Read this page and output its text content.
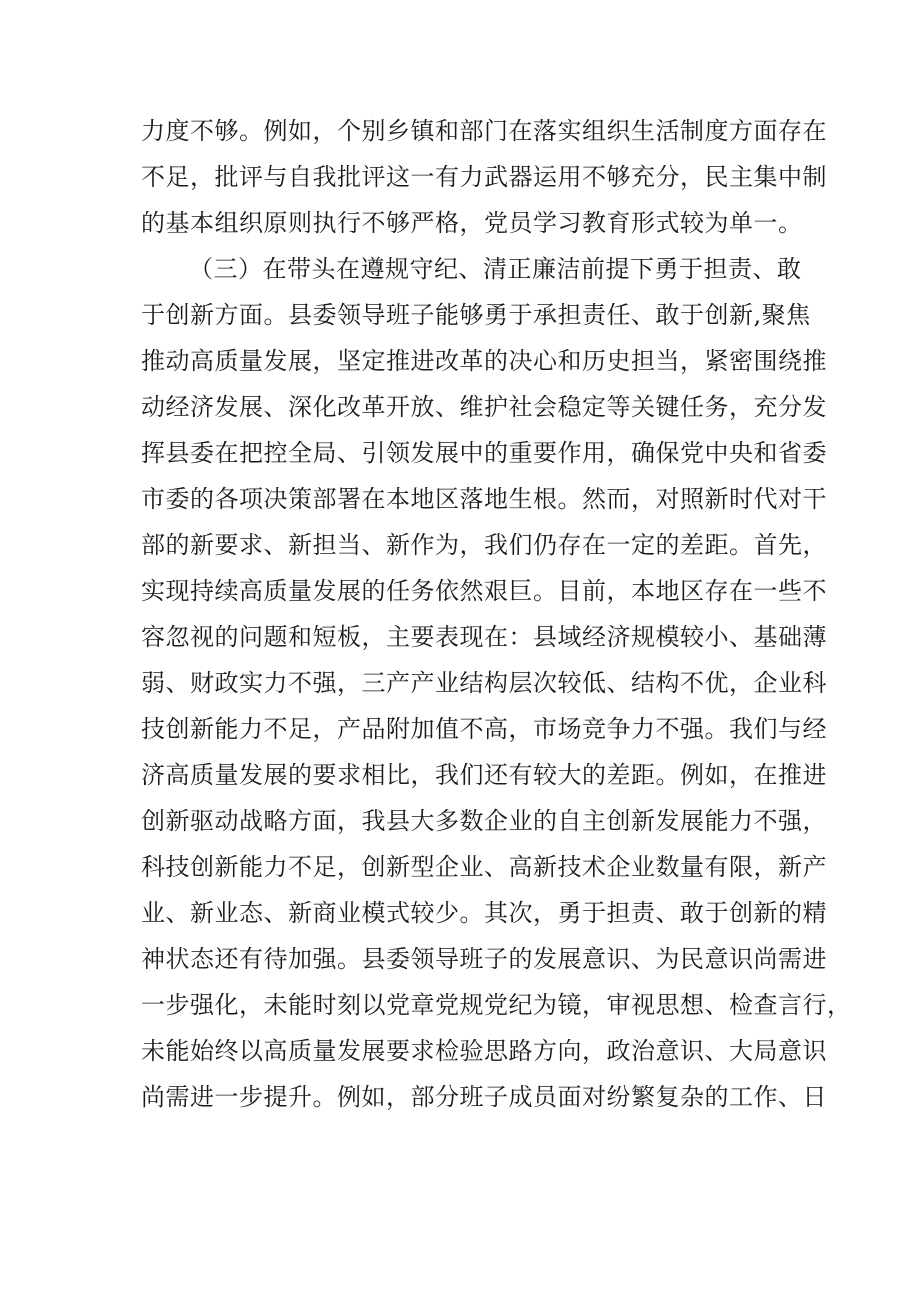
力度不够。例如，个别乡镇和部门在落实组织生活制度方面存在
不足，批评与自我批评这一有力武器运用不够充分，民主集中制
的基本组织原则执行不够严格，党员学习教育形式较为单一。
（三）在带头在遵规守纪、清正廉洁前提下勇于担责、敢
于创新方面。县委领导班子能够勇于承担责任、敢于创新,聚焦
推动高质量发展，坚定推进改革的决心和历史担当，紧密围绕推
动经济发展、深化改革开放、维护社会稳定等关键任务，充分发
挥县委在把控全局、引领发展中的重要作用，确保党中央和省委
市委的各项决策部署在本地区落地生根。然而，对照新时代对干
部的新要求、新担当、新作为，我们仍存在一定的差距。首先，
实现持续高质量发展的任务依然艰巨。目前，本地区存在一些不
容忽视的问题和短板，主要表现在：县域经济规模较小、基础薄
弱、财政实力不强，三产产业结构层次较低、结构不优，企业科
技创新能力不足，产品附加值不高，市场竞争力不强。我们与经
济高质量发展的要求相比，我们还有较大的差距。例如，在推进
创新驱动战略方面，我县大多数企业的自主创新发展能力不强，
科技创新能力不足，创新型企业、高新技术企业数量有限，新产
业、新业态、新商业模式较少。其次，勇于担责、敢于创新的精
神状态还有待加强。县委领导班子的发展意识、为民意识尚需进
一步强化，未能时刻以党章党规党纪为镜，审视思想、检查言行，
未能始终以高质量发展要求检验思路方向，政治意识、大局意识
尚需进一步提升。例如，部分班子成员面对纷繁复杂的工作、日
